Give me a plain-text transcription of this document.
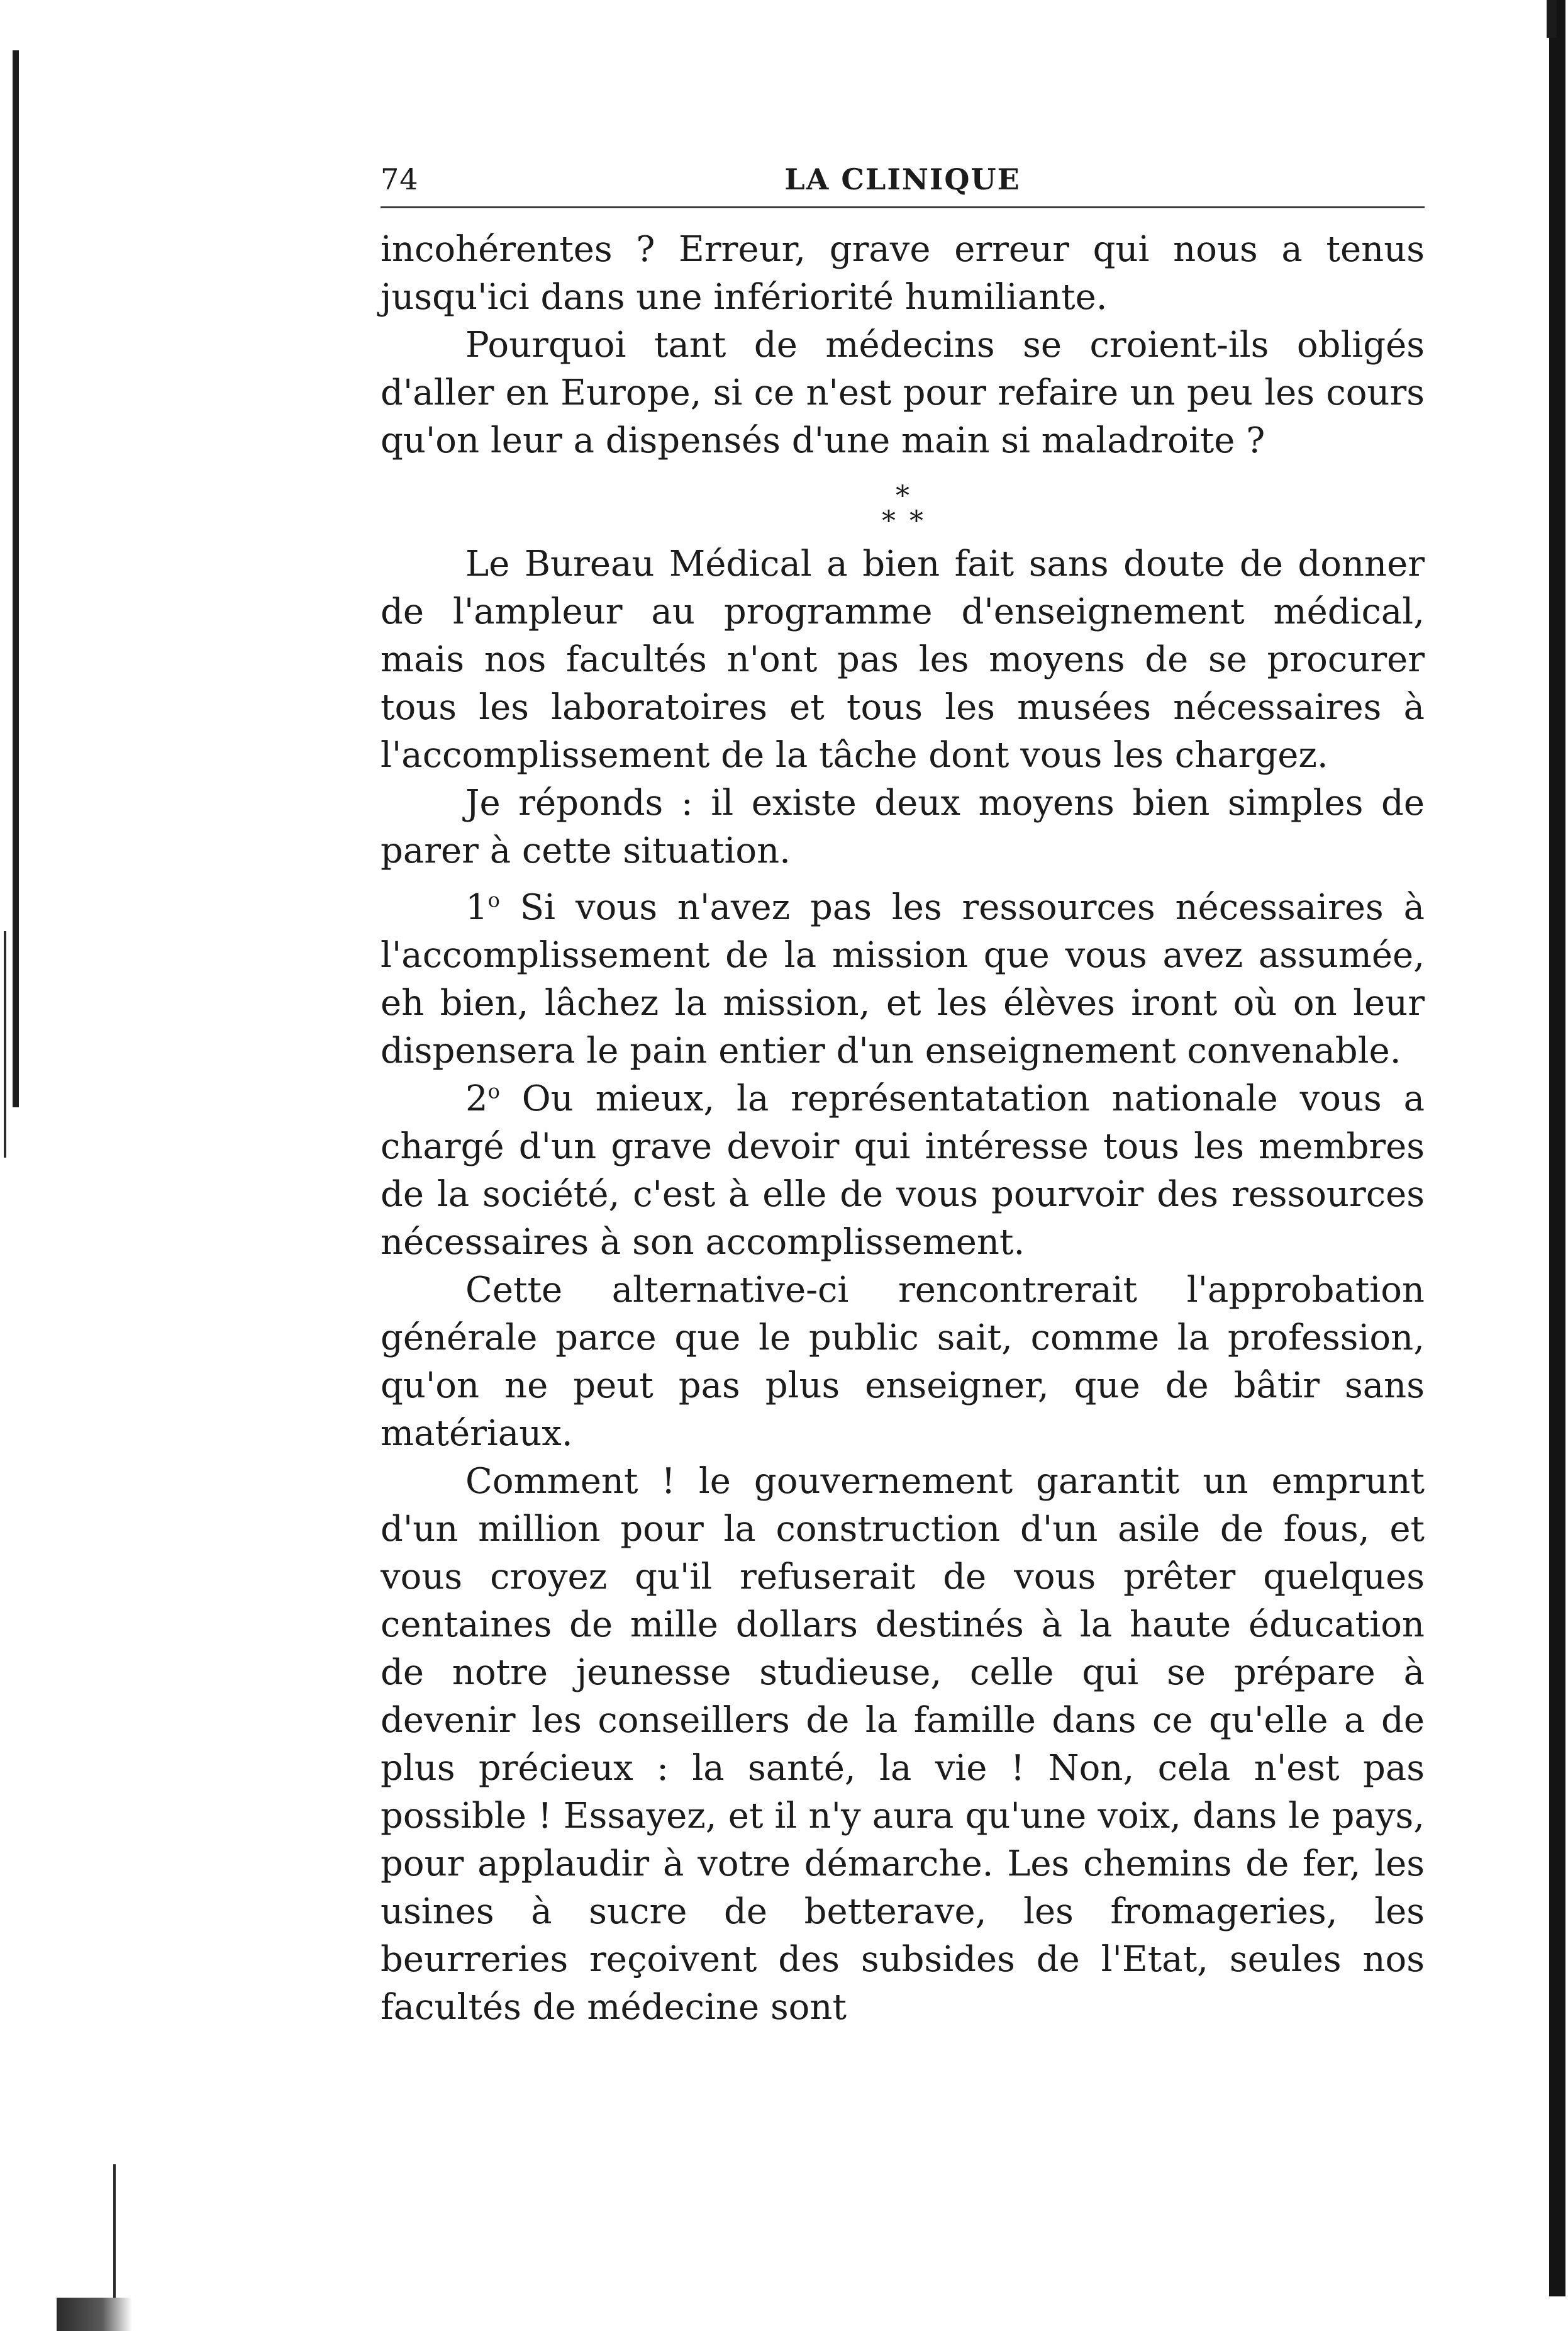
74	LA CLINIQUE

incohérentes ? Erreur, grave erreur qui nous a tenus jusqu'ici dans une infériorité humiliante.

Pourquoi tant de médecins se croient-ils obligés d'aller en Europe, si ce n'est pour refaire un peu les cours qu'on leur a dispensés d'une main si maladroite ?

*
**

Le Bureau Médical a bien fait sans doute de donner de l'ampleur au programme d'enseignement médical, mais nos facultés n'ont pas les moyens de se procurer tous les laboratoires et tous les musées nécessaires à l'accomplissement de la tâche dont vous les chargez.

Je réponds : il existe deux moyens bien simples de parer à cette situation.

1$^o$ Si vous n'avez pas les ressources nécessaires à l'accomplissement de la mission que vous avez assumée, eh bien, lâchez la mission, et les élèves iront où on leur dispensera le pain entier d'un enseignement convenable.

2$^o$ Ou mieux, la représentatation nationale vous a chargé d'un grave devoir qui intéresse tous les membres de la société, c'est à elle de vous pourvoir des ressources nécessaires à son accomplissement.

Cette alternative-ci rencontrerait l'approbation générale parce que le public sait, comme la profession, qu'on ne peut pas plus enseigner, que de bâtir sans matériaux.

Comment ! le gouvernement garantit un emprunt d'un million pour la construction d'un asile de fous, et vous croyez qu'il refuserait de vous prêter quelques centaines de mille dollars destinés à la haute éducation de notre jeunesse studieuse, celle qui se prépare à devenir les conseillers de la famille dans ce qu'elle a de plus précieux : la santé, la vie ! Non, cela n'est pas possible ! Essayez, et il n'y aura qu'une voix, dans le pays, pour applaudir à votre démarche. Les chemins de fer, les usines à sucre de betterave, les fromageries, les beurreries reçoivent des subsides de l'Etat, seules nos facultés de médecine sont
